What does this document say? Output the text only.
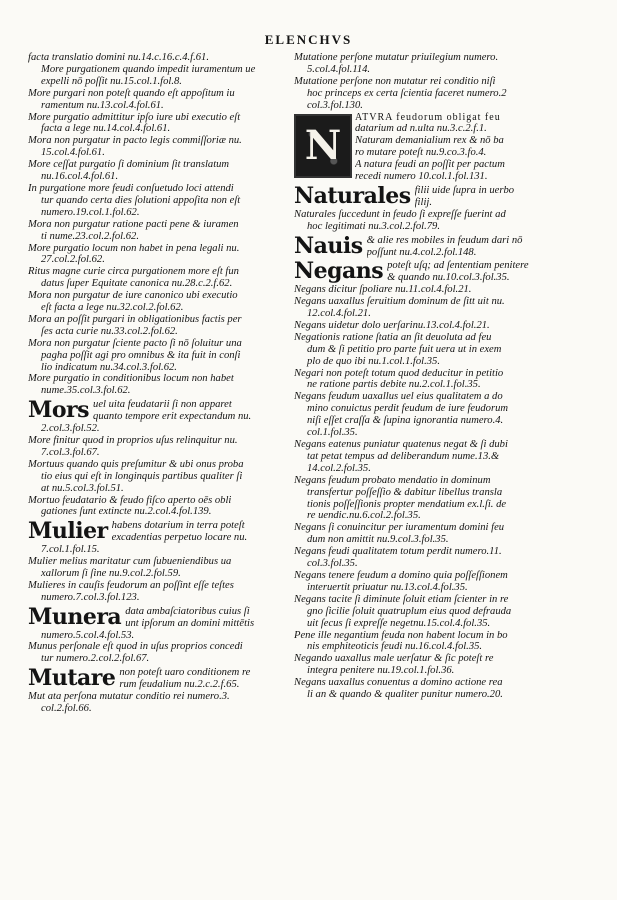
ELENCHVS
facta translatio domini nu.14.c.16.c.4.f.61.
More purgationem quando impedit iuramentum ue
expelli nō poſſit nu.15.col.1.fol.8.
More purgari non poteſt quando eſt appoſitum iu
ramentum nu.13.col.4.fol.61.
More purgatio admittitur ipſo iure ubi executio eſt
facta a lege nu.14.col.4.fol.61.
Mora non purgatur in pacto legis commiſſoriæ nu.
15.col.4.fol.61.
More ceſſat purgatio ſi dominium ſit translatum
nu.16.col.4.fol.61.
In purgatione more feudi conſuetudo loci attendi
tur quando certa dies ſolutioni appoſita non eſt
numero.19.col.1.fol.62.
Mora non purgatur ratione pacti pene & iuramen
ti nume.23.col.2.fol.62.
More purgatio locum non habet in pena legali nu.
27.col.2.fol.62.
Ritus magne curie circa purgationem more eſt fun
datus ſuper Equitate canonica nu.28.c.2.f.62.
Mora non purgatur de iure canonico ubi executio
eſt facta a lege nu.32.col.2.fol.62.
Mora an poſſit purgari in obligationibus factis per
ſes acta curie nu.33.col.2.fol.62.
Mora non purgatur ſciente pacto ſi nō ſoluitur una
pagha poſſit agi pro omnibus & ita fuit in conſi
lio indicatum nu.34.col.3.fol.62.
More purgatio in conditionibus locum non habet
nume.35.col.3.fol.62.
Mors uel uita feudatarii ſi non apparet
quanto tempore erit expectandum nu.
2.col.3.fol.52.
More finitur quod in proprios uſus relinquitur nu.
7.col.3.fol.67.
Mortuus quando quis preſumitur & ubi onus proba
tio eius qui eſt in longinquis partibus qualiter ſi
at nu.5.col.3.fol.51.
Mortuo feudatario & feudo fiſco aperto oēs obli
gationes ſunt extincte nu.2.col.4.fol.139.
Mulier habens dotarium in terra poteſt
excadentias perpetuo locare nu.
7.col.1.fol.15.
Mulier melius maritatur cum ſubueniendibus ua
xallorum ſi ſine nu.9.col.2.fol.59.
Mulieres in cauſis feudorum an poſſint eſſe teſtes
numero.7.col.3.fol.123.
Munera data ambaſciatoribus cuius ſi
unt ipſorum an domini mittētis
numero.5.col.4.fol.53.
Munus perſonale eſt quod in uſus proprios concedi
tur numero.2.col.2.fol.67.
Mutare non poteſt uaro conditionem re
rum feudalium nu.2.c.2.f.65.
Mut ata perſona mutatur conditio rei numero.3.
col.2.fol.66.
Mutatione perſone mutatur priuilegium numero.
5.col.4.fol.114.
Mutatione perſone non mutatur rei conditio niſi
hoc princeps ex certa ſcientia faceret numero.2
col.3.fol.130.
N
ATVRA feudorum obligat feu
datarium ad n.ulta nu.3.c.2.f.1.
Naturam demanialium rex & nō ba
ro mutare poteſt nu.9.co.3.fo.4.
A natura feudi an poſſit per pactum
recedi numero 10.col.1.fol.131.
Naturales filii uide ſupra in uerbo
filij.
Naturales ſuccedunt in feudo ſi expreſſe fuerint ad
hoc legitimati nu.3.col.2.fol.79.
Nauis & alie res mobiles in feudum dari nō
poſſunt nu.4.col.2.fol.148.
Negans poteſt uſq; ad ſententiam penitere
& quando nu.10.col.3.fol.35.
Negans dicitur ſpoliare nu.11.col.4.fol.21.
Negans uaxallus ſeruitium dominum de ſitt uit nu.
12.col.4.fol.21.
Negans uidetur dolo uerſarinu.13.col.4.fol.21.
Negationis ratione ſtatia an ſit deuoluta ad feu
dum & ſi petitio pro parte fuit uera ut in exem
plo de quo ibi nu.1.col.1.fol.35.
Negari non poteſt totum quod deducitur in petitio
ne ratione partis debite nu.2.col.1.fol.35.
Negans feudum uaxallus uel eius qualitatem a do
mino conuictus perdit feudum de iure feudorum
niſi eſſet craſſa & ſupina ignorantia numero.4.
col.1.fol.35.
Negans eatenus puniatur quatenus negat & ſi dubi
tat petat tempus ad deliberandum nume.13.&
14.col.2.fol.35.
Negans feudum probato mendatio in dominum
transfertur poſſeſſio & dabitur libellus transla
tionis poſſeſſionis propter mendatium ex.l.ſi. de
re uendic.nu.6.col.2.fol.35.
Negans ſi conuincitur per iuramentum domini feu
dum non amittit nu.9.col.3.fol.35.
Negans feudi qualitatem totum perdit numero.11.
col.3.fol.35.
Negans tenere feudum a domino quia poſſeſſionem
interuertit priuatur nu.13.col.4.fol.35.
Negans tacite ſi diminute ſoluit etiam ſcienter in re
gno ſicilie ſoluit quatruplum eius quod defrauda
uit ſecus ſi expreſſe negetnu.15.col.4.fol.35.
Pene ille negantium feuda non habent locum in bo
nis emphiteoticis feudi nu.16.col.4.fol.35.
Negando uaxallus male uerſatur & ſic poteſt re
integra penitere nu.19.col.1.fol.36.
Negans uaxallus conuentus a domino actione rea
li an & quando & qualiter punitur numero.20.
